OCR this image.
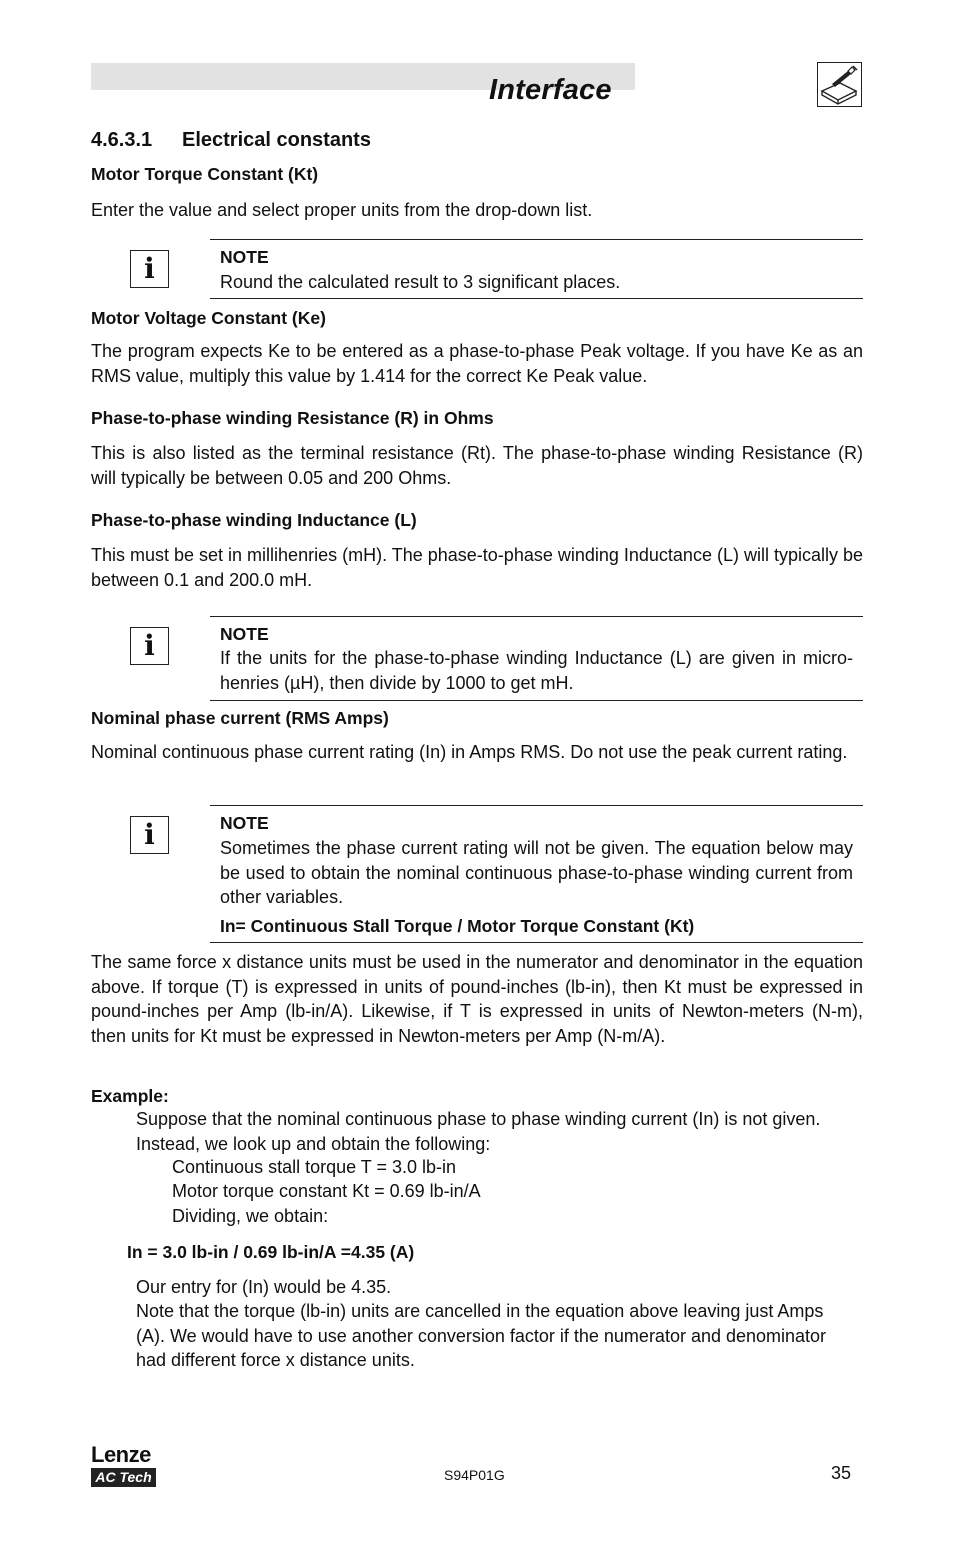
Interface
4.6.3.1 Electrical constants
Motor Torque Constant (Kt)
Enter the value and select proper units from the drop-down list.
i	NOTE
Round the calculated result to 3 significant places.
Motor Voltage Constant (Ke)
The program expects Ke to be entered as a phase-to-phase Peak voltage. If you have Ke as an RMS value, multiply this value by 1.414 for the correct Ke Peak value.
Phase-to-phase winding Resistance (R) in Ohms
This is also listed as the terminal resistance (Rt). The phase-to-phase winding Resistance (R) will typically be between 0.05 and 200 Ohms.
Phase-to-phase winding Inductance (L)
This must be set in millihenries (mH). The phase-to-phase winding Inductance (L) will typically be between 0.1 and 200.0 mH.
i	NOTE
If the units for the phase-to-phase winding Inductance (L) are given in micro-henries (µH), then divide by 1000 to get mH.
Nominal phase current (RMS Amps)
Nominal continuous phase current rating (In) in Amps RMS. Do not use the peak current rating.
i	NOTE
Sometimes the phase current rating will not be given. The equation below may be used to obtain the nominal continuous phase-to-phase winding current from other variables.
In= Continuous Stall Torque / Motor Torque Constant (Kt)
The same force x distance units must be used in the numerator and denominator in the equation above. If torque (T) is expressed in units of pound-inches (lb-in), then Kt must be expressed in pound-inches per Amp (lb-in/A). Likewise, if T is expressed in units of Newton-meters (N-m), then units for Kt must be expressed in Newton-meters per Amp (N-m/A).
Example:
Suppose that the nominal continuous phase to phase winding current (In) is not given. Instead, we look up and obtain the following:
Continuous stall torque T = 3.0 lb-in
Motor torque constant Kt = 0.69 lb-in/A
Dividing, we obtain:
In = 3.0 lb-in / 0.69 lb-in/A =4.35 (A)
Our entry for (In) would be 4.35.
Note that the torque (lb-in) units are cancelled in the equation above leaving just Amps (A). We would have to use another conversion factor if the numerator and denominator had different force x distance units.
Lenze
AC Tech	S94P01G	35
